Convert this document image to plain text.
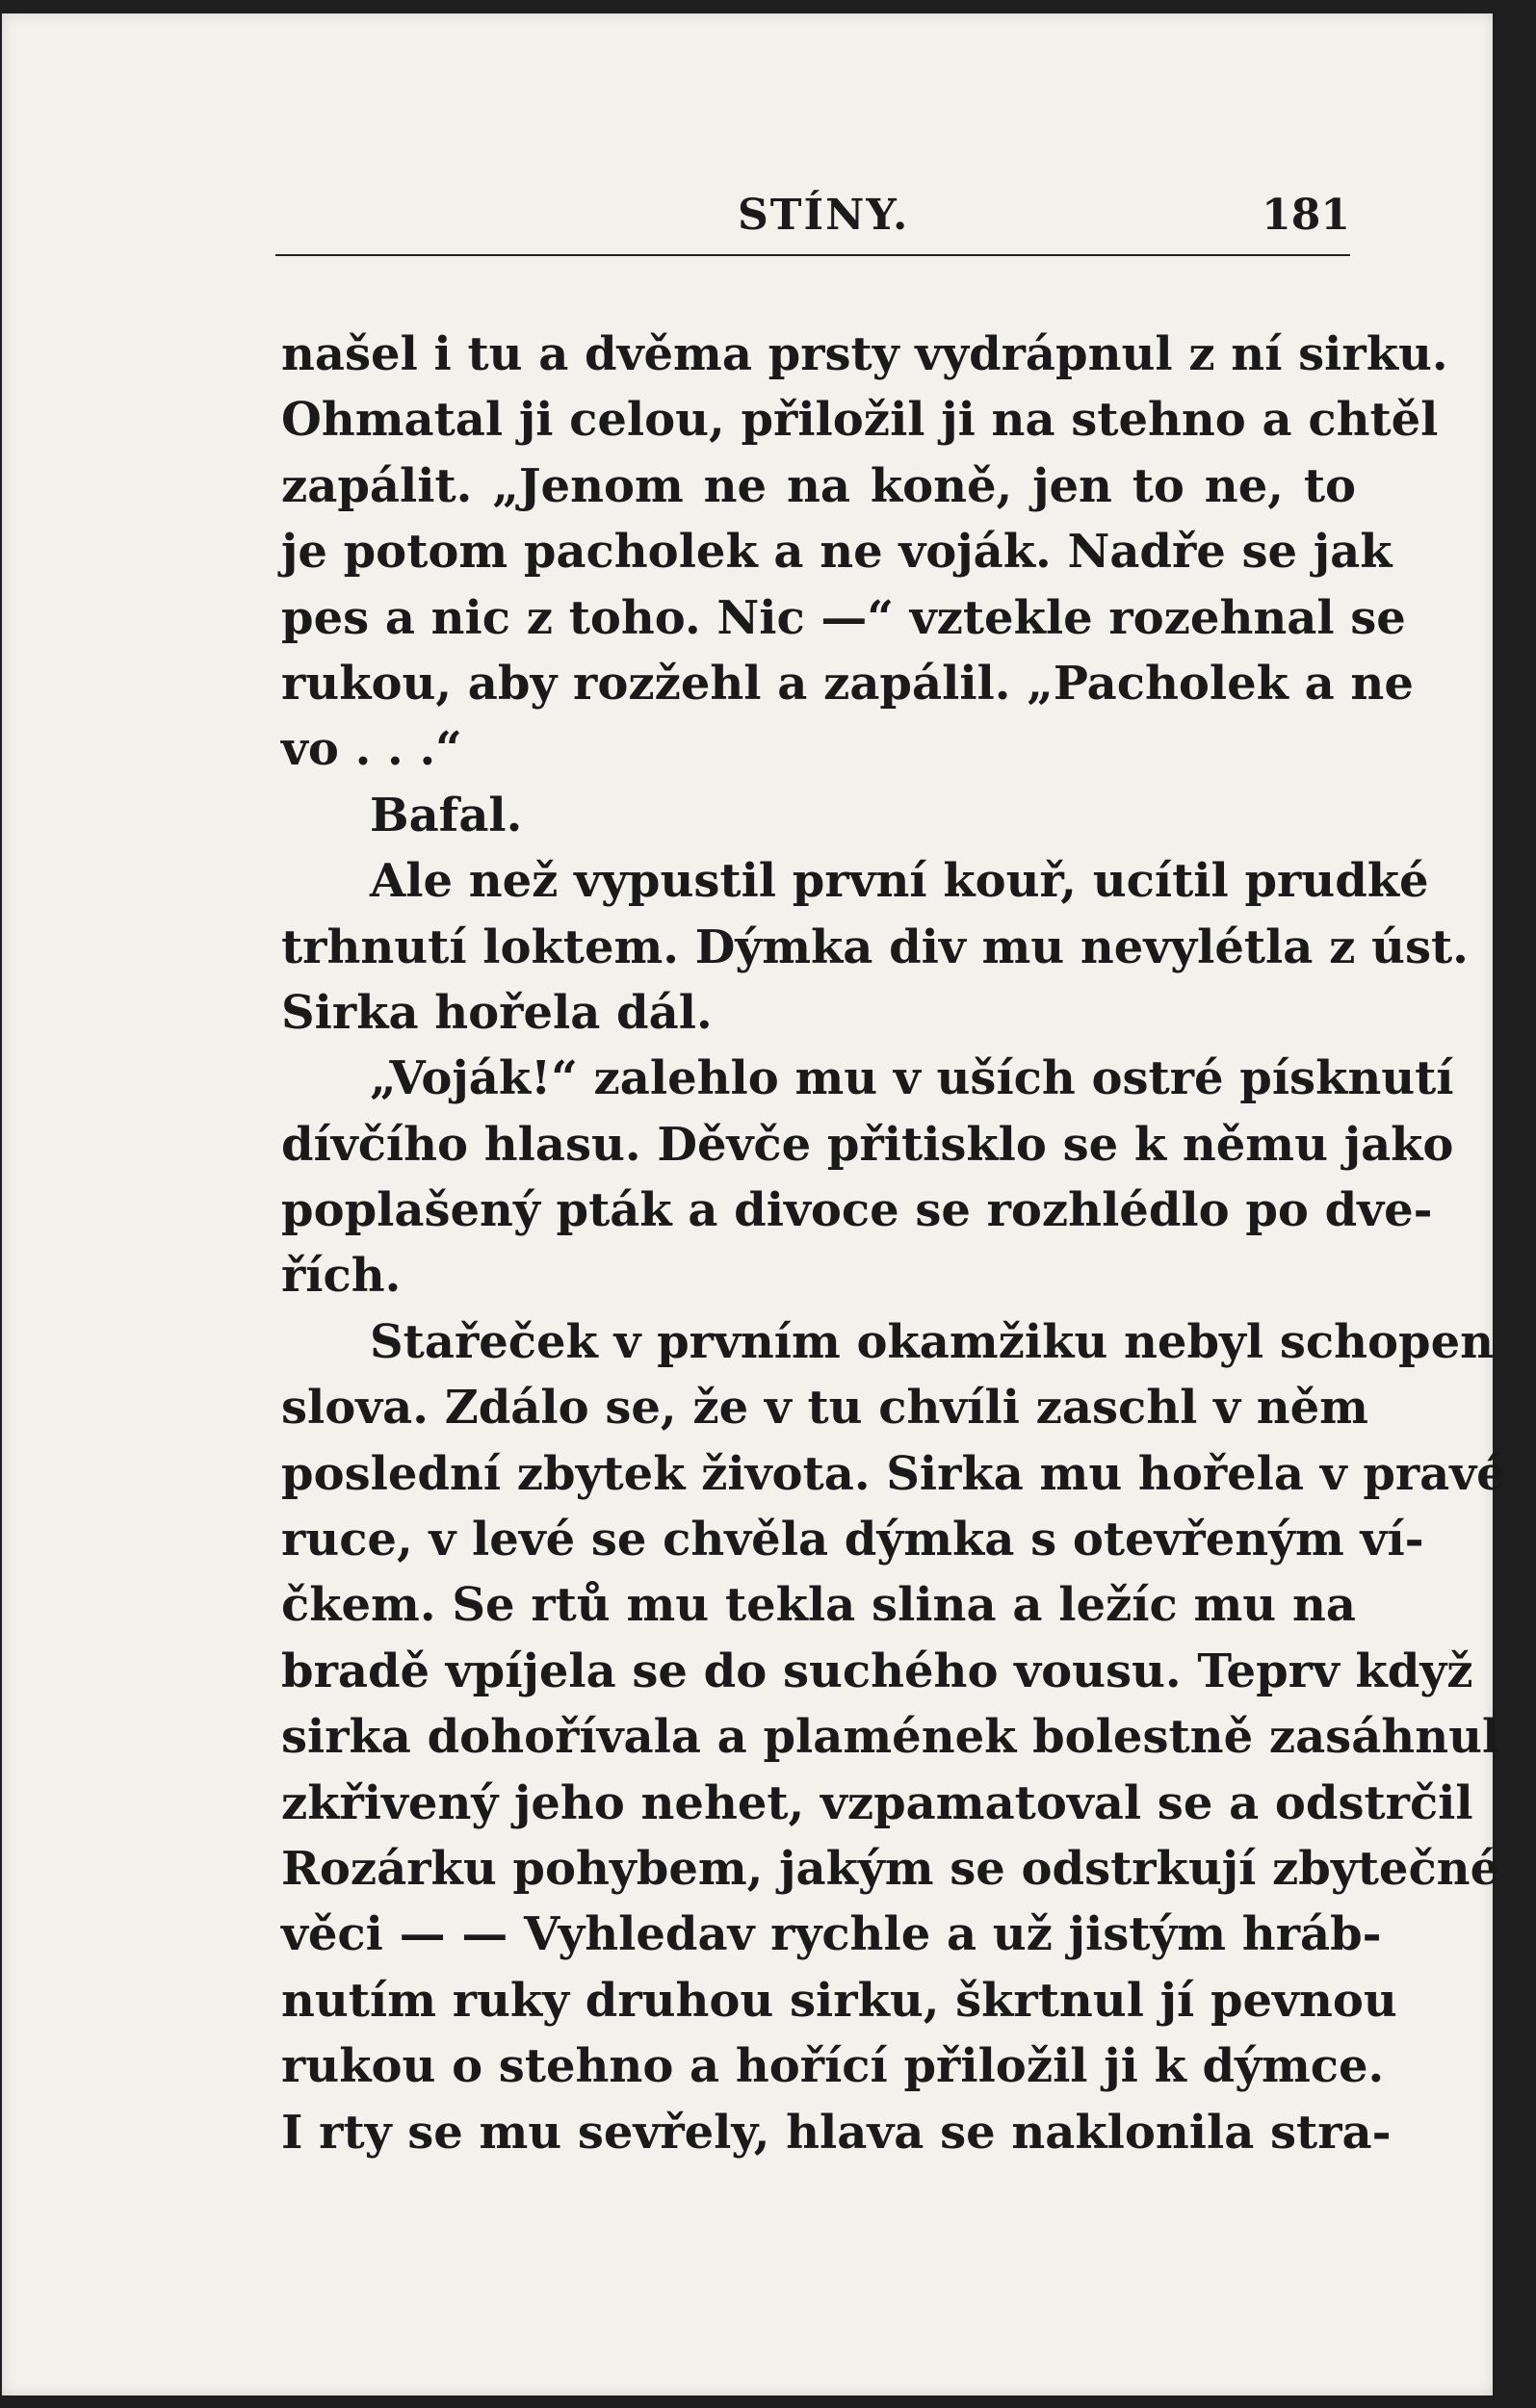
STÍNY.	181
našel i tu a dvěma prsty vydrápnul z ní sirku.
Ohmatal ji celou, přiložil ji na stehno a chtěl
zapálit. „Jenom ne na koně, jen to ne, to
je potom pacholek a ne voják. Nadře se jak
pes a nic z toho. Nic —“ vztekle rozehnal se
rukou, aby rozžehl a zapálil. „Pacholek a ne
vo . . .“
Bafal.
Ale než vypustil první kouř, ucítil prudké
trhnutí loktem. Dýmka div mu nevylétla z úst.
Sirka hořela dál.
„Voják!“ zalehlo mu v uších ostré písknutí
dívčího hlasu. Děvče přitisklo se k němu jako
poplašený pták a divoce se rozhlédlo po dve-
řích.
Stařeček v prvním okamžiku nebyl schopen
slova. Zdálo se, že v tu chvíli zaschl v něm
poslední zbytek života. Sirka mu hořela v pravé
ruce, v levé se chvěla dýmka s otevřeným ví-
čkem. Se rtů mu tekla slina a ležíc mu na
bradě vpíjela se do suchého vousu. Teprv když
sirka dohořívala a plamének bolestně zasáhnul
zkřivený jeho nehet, vzpamatoval se a odstrčil
Rozárku pohybem, jakým se odstrkují zbytečné
věci — — Vyhledav rychle a už jistým hráb-
nutím ruky druhou sirku, škrtnul jí pevnou
rukou o stehno a hořící přiložil ji k dýmce.
I rty se mu sevřely, hlava se naklonila stra-
